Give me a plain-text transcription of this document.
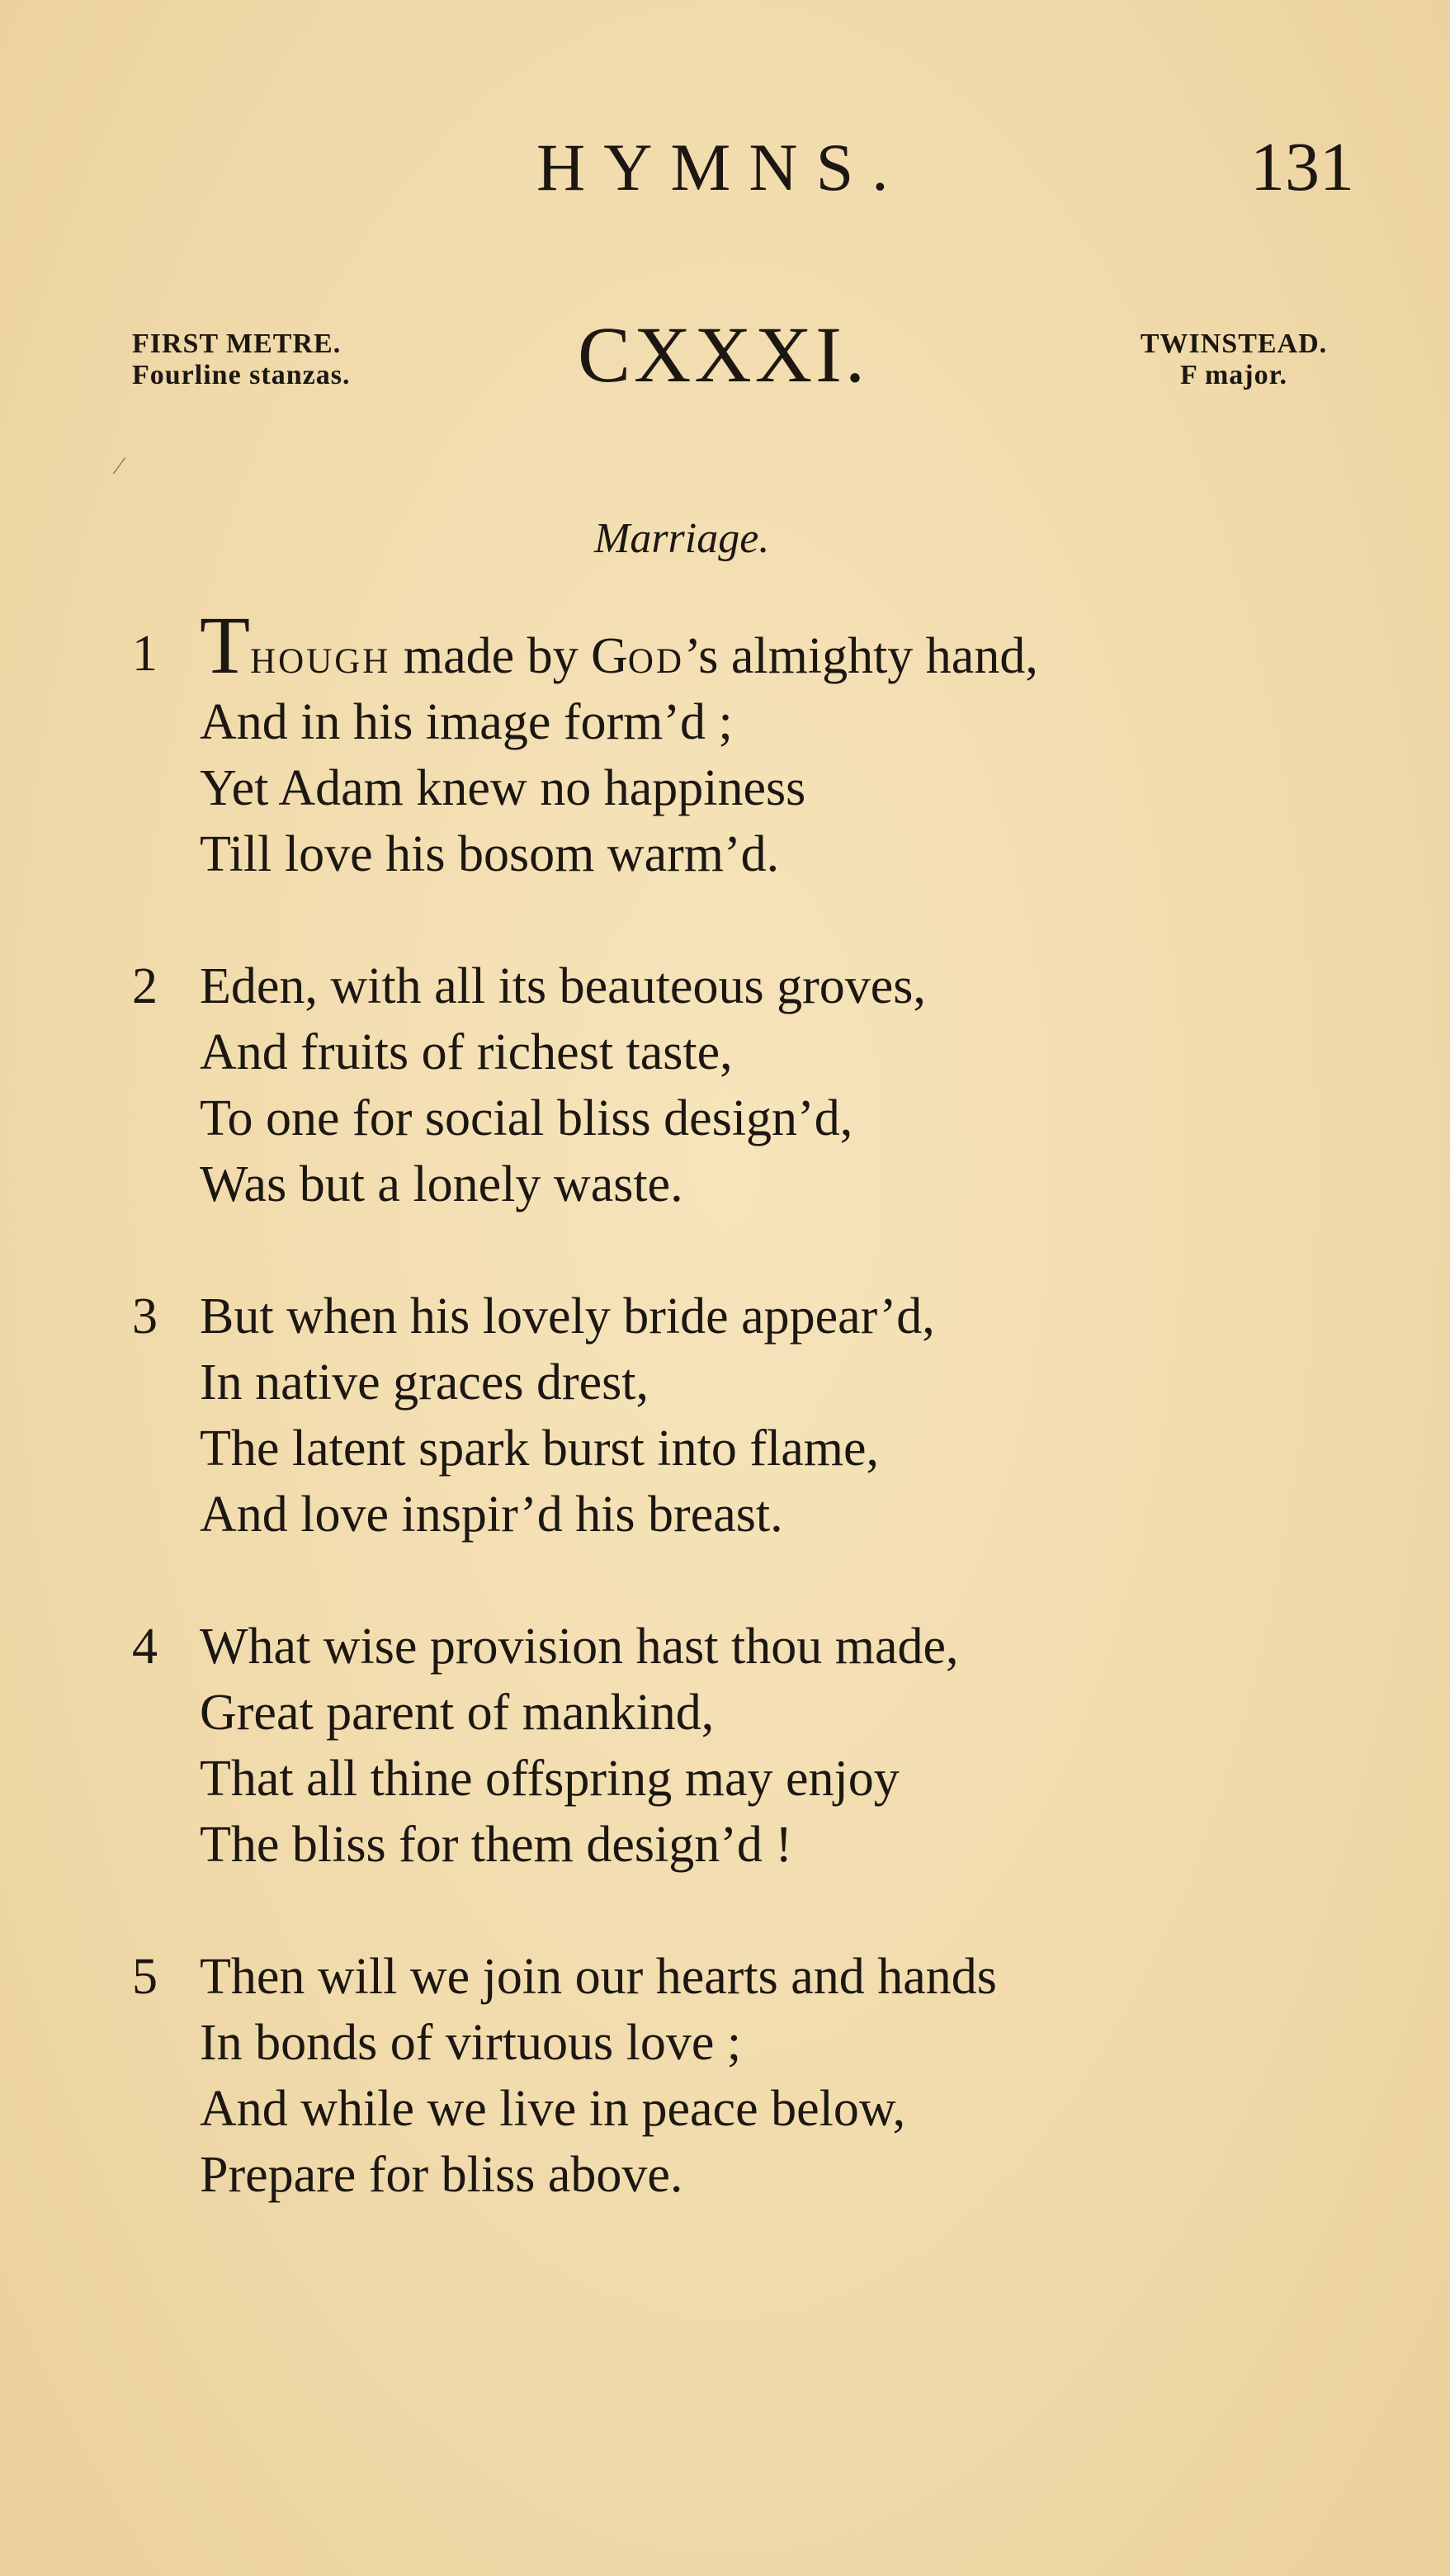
HYMNS.	131
FIRST METRE.
Fourline stanzas.	CXXXI.	TWINSTEAD.
F major.
Marriage.
1 Though made by God’s almighty hand,
And in his image form’d ;
Yet Adam knew no happiness
Till love his bosom warm’d.
2 Eden, with all its beauteous groves,
And fruits of richest taste,
To one for social bliss design’d,
Was but a lonely waste.
3 But when his lovely bride appear’d,
In native graces drest,
The latent spark burst into flame,
And love inspir’d his breast.
4 What wise provision hast thou made,
Great parent of mankind,
That all thine offspring may enjoy
The bliss for them design’d !
5 Then will we join our hearts and hands
In bonds of virtuous love ;
And while we live in peace below,
Prepare for bliss above.
⁄
